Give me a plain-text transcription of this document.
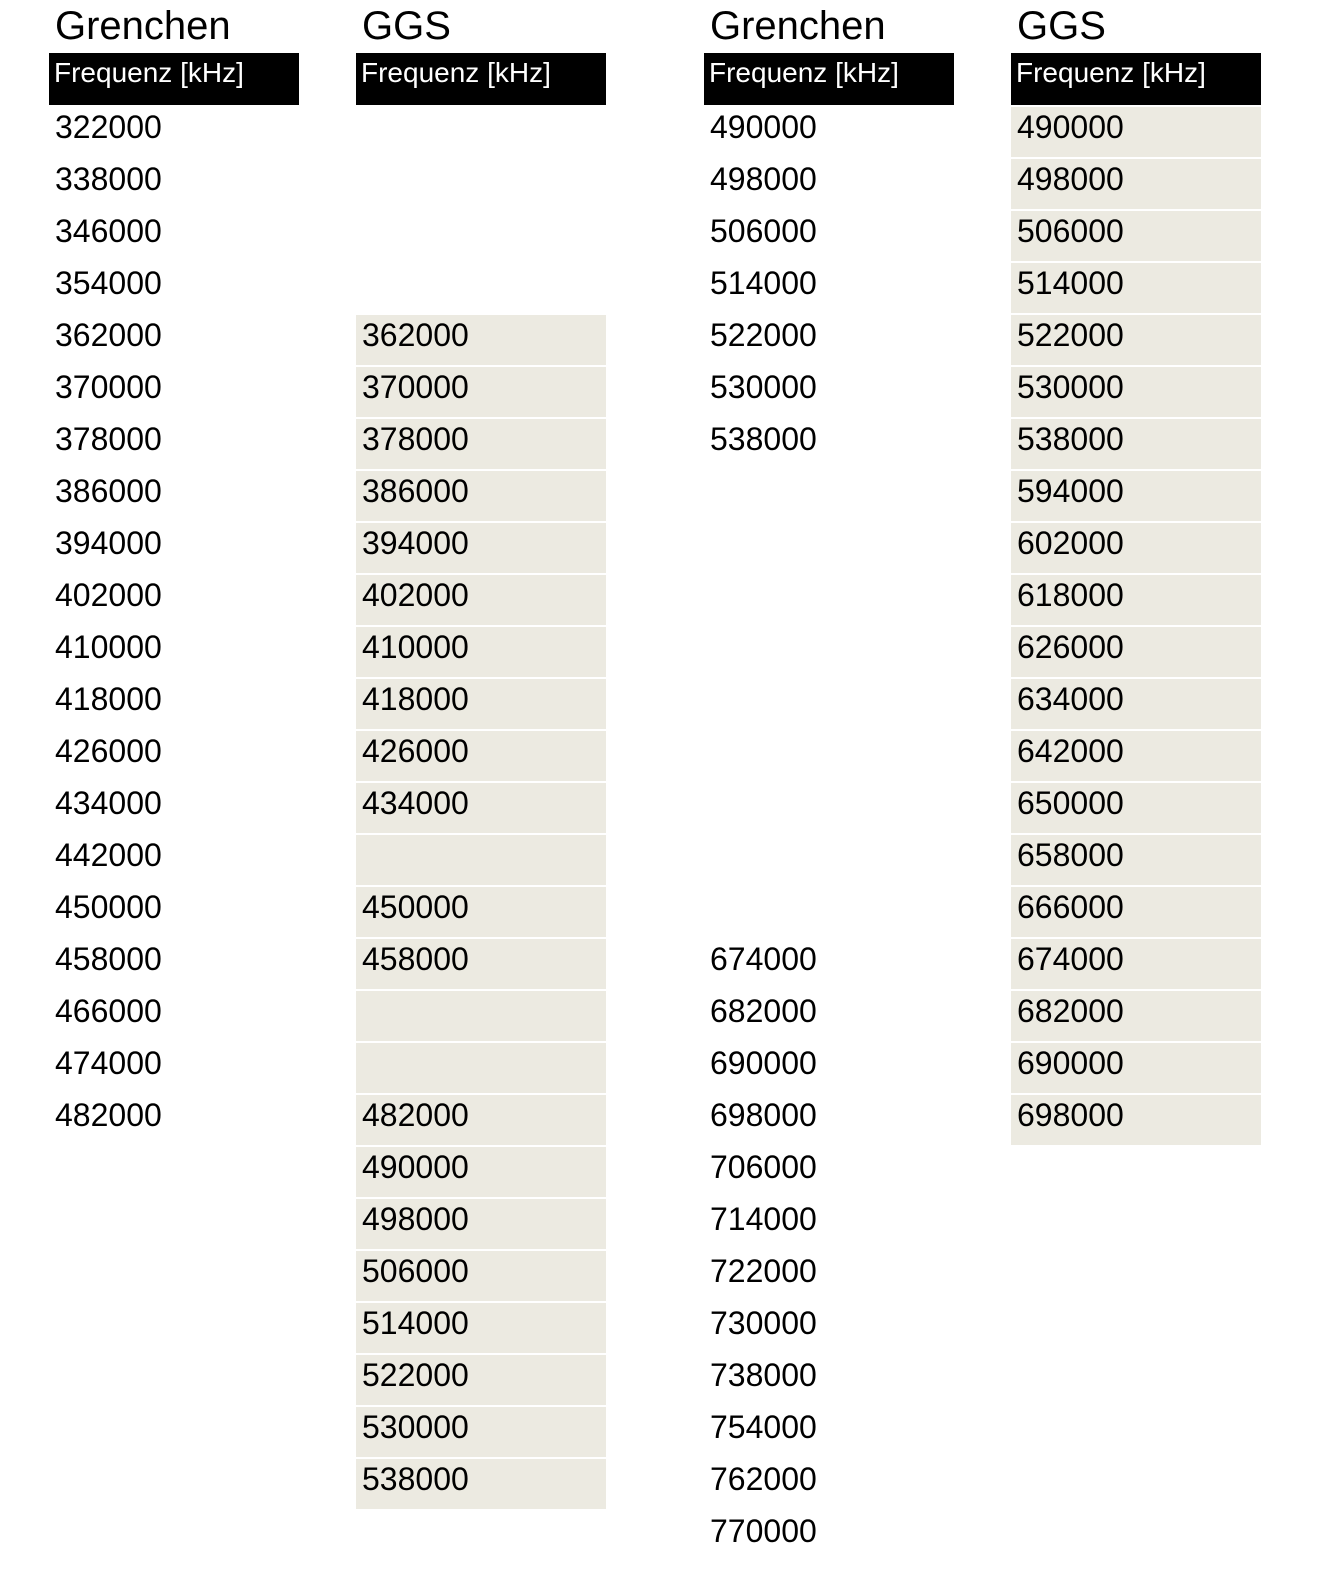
Grenchen
Frequenz [kHz]
322000
338000
346000
354000
362000
370000
378000
386000
394000
402000
410000
418000
426000
434000
442000
450000
458000
466000
474000
482000
GGS
Frequenz [kHz]
362000
370000
378000
386000
394000
402000
410000
418000
426000
434000
450000
458000
482000
490000
498000
506000
514000
522000
530000
538000
Grenchen
Frequenz [kHz]
490000
498000
506000
514000
522000
530000
538000
674000
682000
690000
698000
706000
714000
722000
730000
738000
754000
762000
770000
GGS
Frequenz [kHz]
490000
498000
506000
514000
522000
530000
538000
594000
602000
618000
626000
634000
642000
650000
658000
666000
674000
682000
690000
698000
